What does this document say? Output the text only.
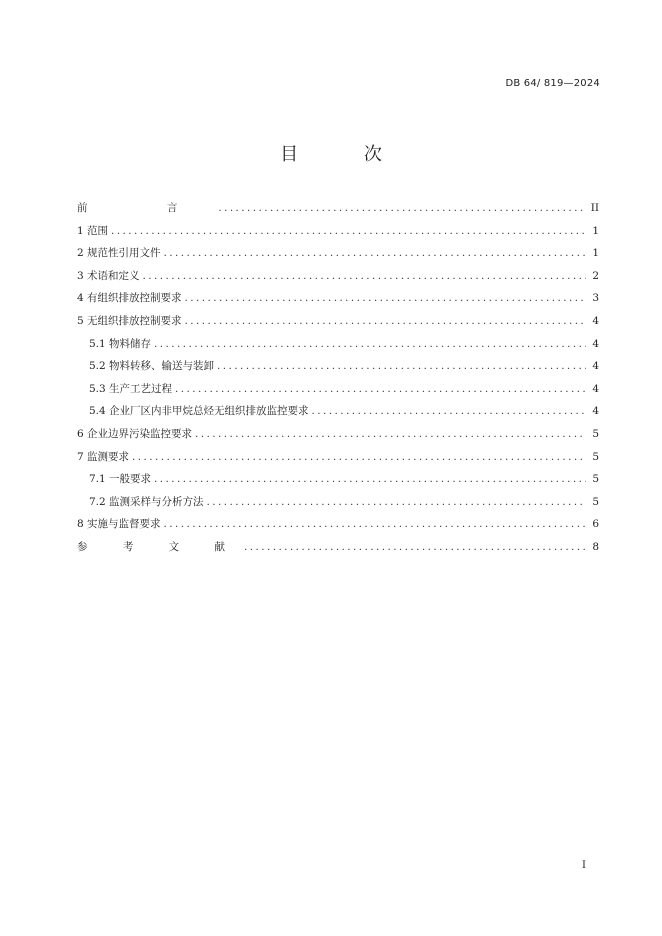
DB 64/ 819—2024
目 次
前 言 .....	II
1 范围 .....	1
2 规范性引用文件 .....	1
3 术语和定义 .....	2
4 有组织排放控制要求 .....	3
5 无组织排放控制要求 .....	4
5.1 物料储存 .....	4
5.2 物料转移、输送与装卸 .....	4
5.3 生产工艺过程 .....	4
5.4 企业厂区内非甲烷总烃无组织排放监控要求 .....	4
6 企业边界污染监控要求 .....	5
7 监测要求 .....	5
7.1 一般要求 .....	5
7.2 监测采样与分析方法 .....	5
8 实施与监督要求 .....	6
参 考 文 献 .....	8
I
